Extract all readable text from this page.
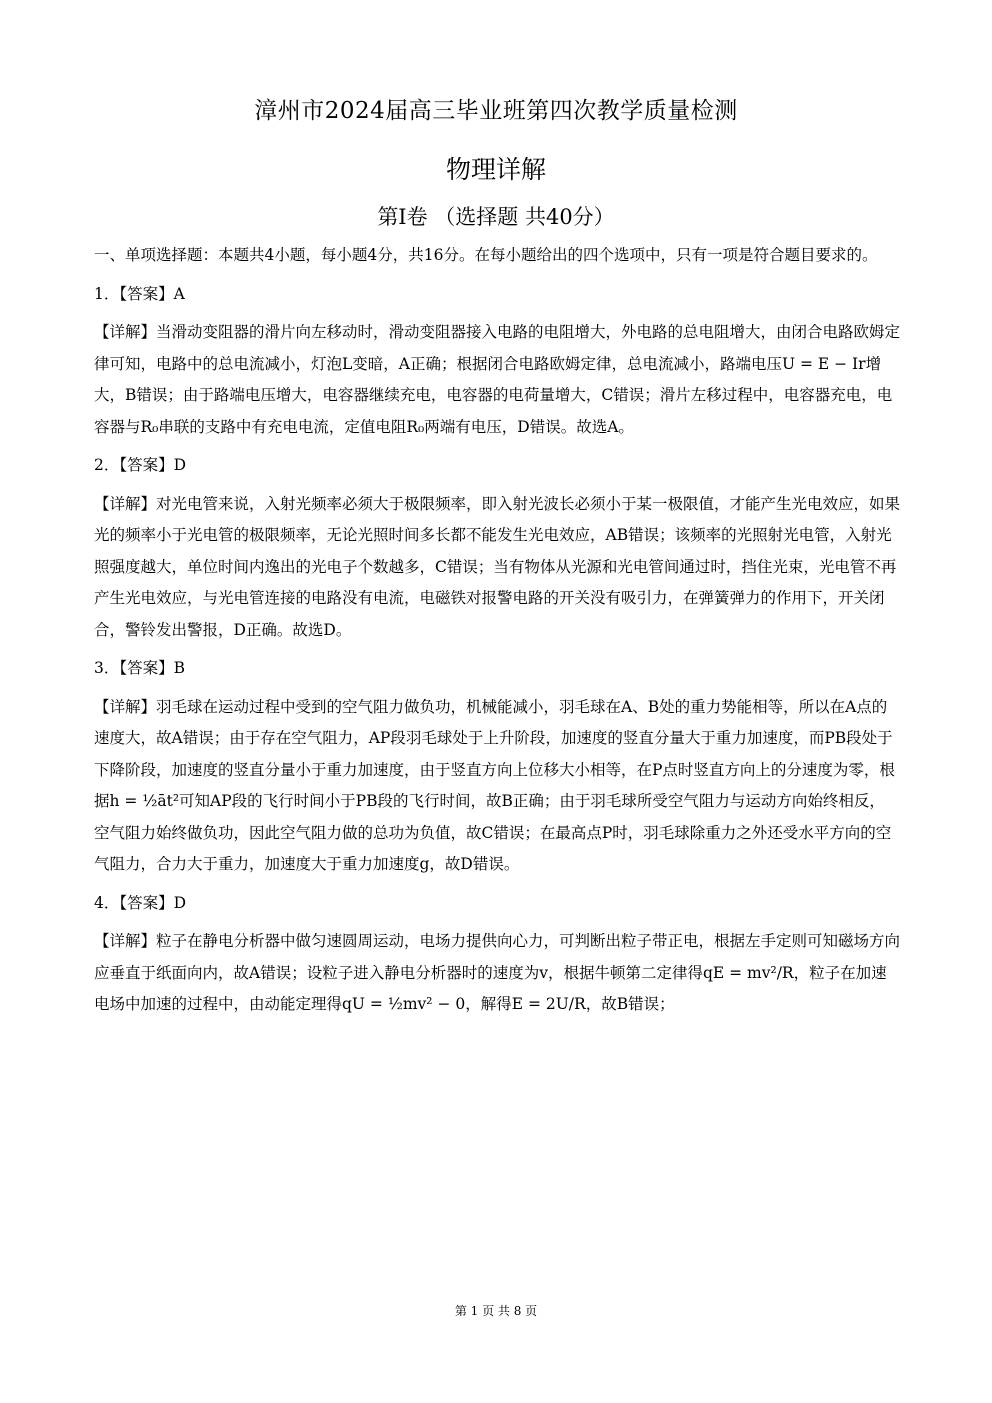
漳州市2024届高三毕业班第四次教学质量检测
物理详解
第Ⅰ卷 （选择题 共40分）

一、单项选择题：本题共4小题，每小题4分，共16分。在每小题给出的四个选项中，只有一项是符合题目要求的。

1．【答案】A

【详解】当滑动变阻器的滑片向左移动时，滑动变阻器接入电路的电阻增大，外电路的总电阻增大，由闭合电路欧姆定律可知，电路中的总电流减小，灯泡L变暗，A正确；根据闭合电路欧姆定律，总电流减小，路端电压U = E − Ir增大，B错误；由于路端电压增大，电容器继续充电，电容器的电荷量增大，C错误；滑片左移过程中，电容器充电，电容器与R₀串联的支路中有充电电流，定值电阻R₀两端有电压，D错误。故选A。

2．【答案】D

【详解】对光电管来说，入射光频率必须大于极限频率，即入射光波长必须小于某一极限值，才能产生光电效应，如果光的频率小于光电管的极限频率，无论光照时间多长都不能发生光电效应，AB错误；该频率的光照射光电管，入射光照强度越大，单位时间内逸出的光电子个数越多，C错误；当有物体从光源和光电管间通过时，挡住光束，光电管不再产生光电效应，与光电管连接的电路没有电流，电磁铁对报警电路的开关没有吸引力，在弹簧弹力的作用下，开关闭合，警铃发出警报，D正确。故选D。

3．【答案】B

【详解】羽毛球在运动过程中受到的空气阻力做负功，机械能减小，羽毛球在A、B处的重力势能相等，所以在A点的速度大，故A错误；由于存在空气阻力，AP段羽毛球处于上升阶段，加速度的竖直分量大于重力加速度，而PB段处于下降阶段，加速度的竖直分量小于重力加速度，由于竖直方向上位移大小相等，在P点时竖直方向上的分速度为零，根据h = ½āt²可知AP段的飞行时间小于PB段的飞行时间，故B正确；由于羽毛球所受空气阻力与运动方向始终相反，空气阻力始终做负功，因此空气阻力做的总功为负值，故C错误；在最高点P时，羽毛球除重力之外还受水平方向的空气阻力，合力大于重力，加速度大于重力加速度g，故D错误。

4．【答案】D

【详解】粒子在静电分析器中做匀速圆周运动，电场力提供向心力，可判断出粒子带正电，根据左手定则可知磁场方向应垂直于纸面向内，故A错误；设粒子进入静电分析器时的速度为v，根据牛顿第二定律得qE = mv²/R，粒子在加速电场中加速的过程中，由动能定理得qU = ½mv² − 0，解得E = 2U/R，故B错误；

第 1 页 共 8 页
